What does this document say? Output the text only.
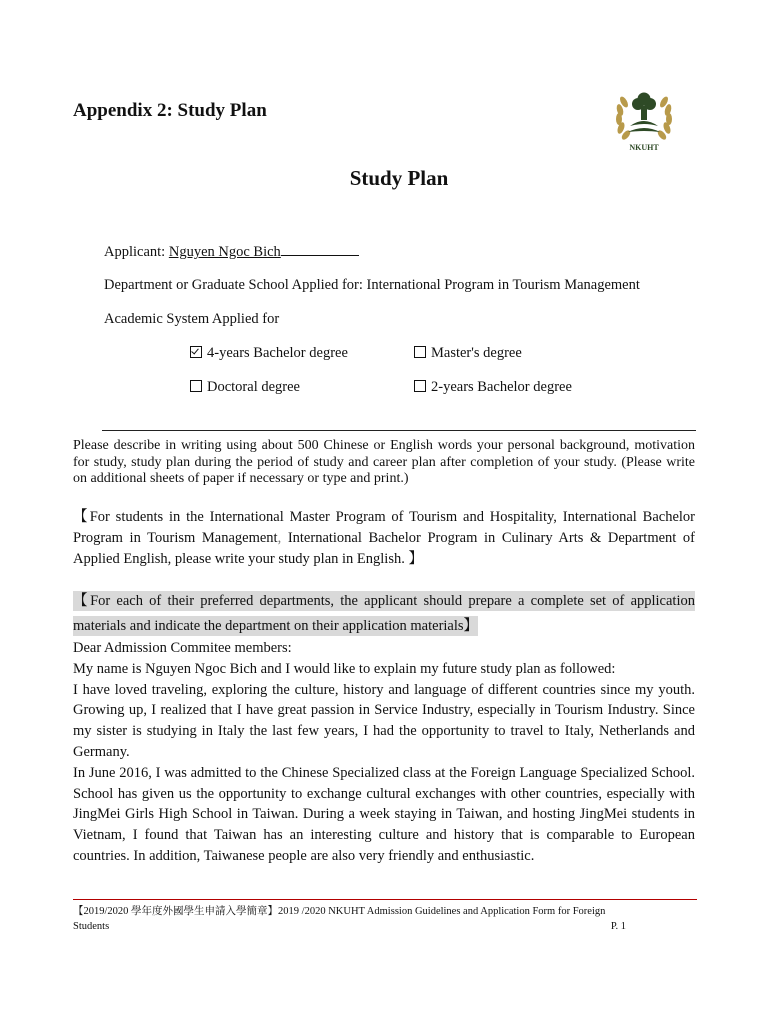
Appendix 2: Study Plan
NKUHT
Study Plan
Applicant: Nguyen Ngoc Bich
Department or Graduate School Applied for: International Program in Tourism Management
Academic System Applied for
4-years Bachelor degree	Master's degree
Doctoral degree	2-years Bachelor degree
Please describe in writing using about 500 Chinese or English words your personal background, motivation for study, study plan during the period of study and career plan after completion of your study. (Please write on additional sheets of paper if necessary or type and print.)
【For students in the International Master Program of Tourism and Hospitality, International Bachelor Program in Tourism Management, International Bachelor Program in Culinary Arts & Department of Applied English, please write your study plan in English. 】
【For each of their preferred departments, the applicant should prepare a complete set of application materials and indicate the department on their application materials】

Dear Admission Commitee members:

My name is Nguyen Ngoc Bich and I would like to explain my future study plan as followed:

I have loved traveling, exploring the culture, history and language of different countries since my youth. Growing up, I realized that I have great passion in Service Industry, especially in Tourism Industry. Since my sister is studying in Italy the last few years, I had the opportunity to travel to Italy, Netherlands and Germany.

In June 2016, I was admitted to the Chinese Specialized class at the Foreign Language Specialized School. School has given us the opportunity to exchange cultural exchanges with other countries, especially with JingMei Girls High School in Taiwan. During a week staying in Taiwan, and hosting JingMei students in Vietnam, I found that Taiwan has an interesting culture and history that is comparable to European countries. In addition, Taiwanese people are also very friendly and enthusiastic.

【2019/2020 學年度外國學生申請入學簡章】2019 /2020 NKUHT Admission Guidelines and Application Form for Foreign Students	P. 1
